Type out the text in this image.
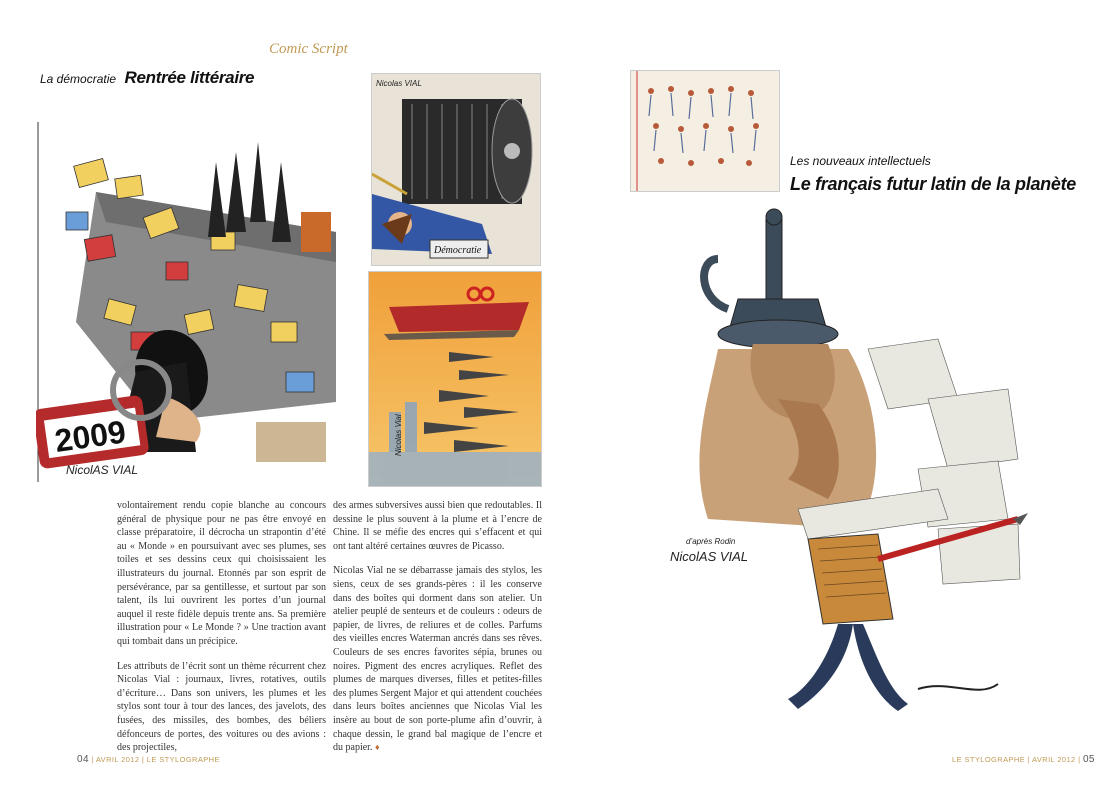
Comic Script
La démocratie Rentrée littéraire
2009
NicolAS VIAL
Démocratie
Nicolas VIAL
Nicolas Vial

volontairement rendu copie blanche au concours général de physique pour ne pas être envoyé en classe préparatoire, il décrocha un strapontin d’été au « Monde » en poursuivant avec ses plumes, ses toiles et ses dessins ceux qui choisissaient les illustrateurs du journal. Etonnés par son esprit de persévérance, par sa gentillesse, et surtout par son talent, ils lui ouvrirent les portes d’un journal auquel il reste fidèle depuis trente ans. Sa première illustration pour « Le Monde ? » Une traction avant qui tombait dans un précipice.

Les attributs de l’écrit sont un thème récurrent chez Nicolas Vial : journaux, livres, rotatives, outils d’écriture… Dans son univers, les plumes et les stylos sont tour à tour des lances, des javelots, des fusées, des missiles, des bombes, des béliers défonceurs de portes, des voitures ou des avions : des projectiles,

des armes subversives aussi bien que redoutables. Il dessine le plus souvent à la plume et à l’encre de Chine. Il se méfie des encres qui s’effacent et qui ont tant altéré certaines œuvres de Picasso.

Nicolas Vial ne se débarrasse jamais des stylos, les siens, ceux de ses grands-pères : il les conserve dans des boîtes qui dorment dans son atelier. Un atelier peuplé de senteurs et de couleurs : odeurs de papier, de livres, de reliures et de colles. Parfums des vieilles encres Waterman ancrés dans ses rêves. Couleurs de ses encres favorites sépia, brunes ou noires. Pigment des encres acryliques. Reflet des plumes de marques diverses, filles et petites-filles des plumes Sergent Major et qui attendent couchées dans leurs boîtes anciennes que Nicolas Vial les insère au bout de son porte-plume afin d’ouvrir, à chaque dessin, le grand bal magique de l’encre et du papier. ♦

04 | AVRIL 2012 | LE STYLOGRAPHE
Les nouveaux intellectuels
Le français futur latin de la planète
d’après Rodin
NicolAS VIAL
LE STYLOGRAPHE | AVRIL 2012 | 05
